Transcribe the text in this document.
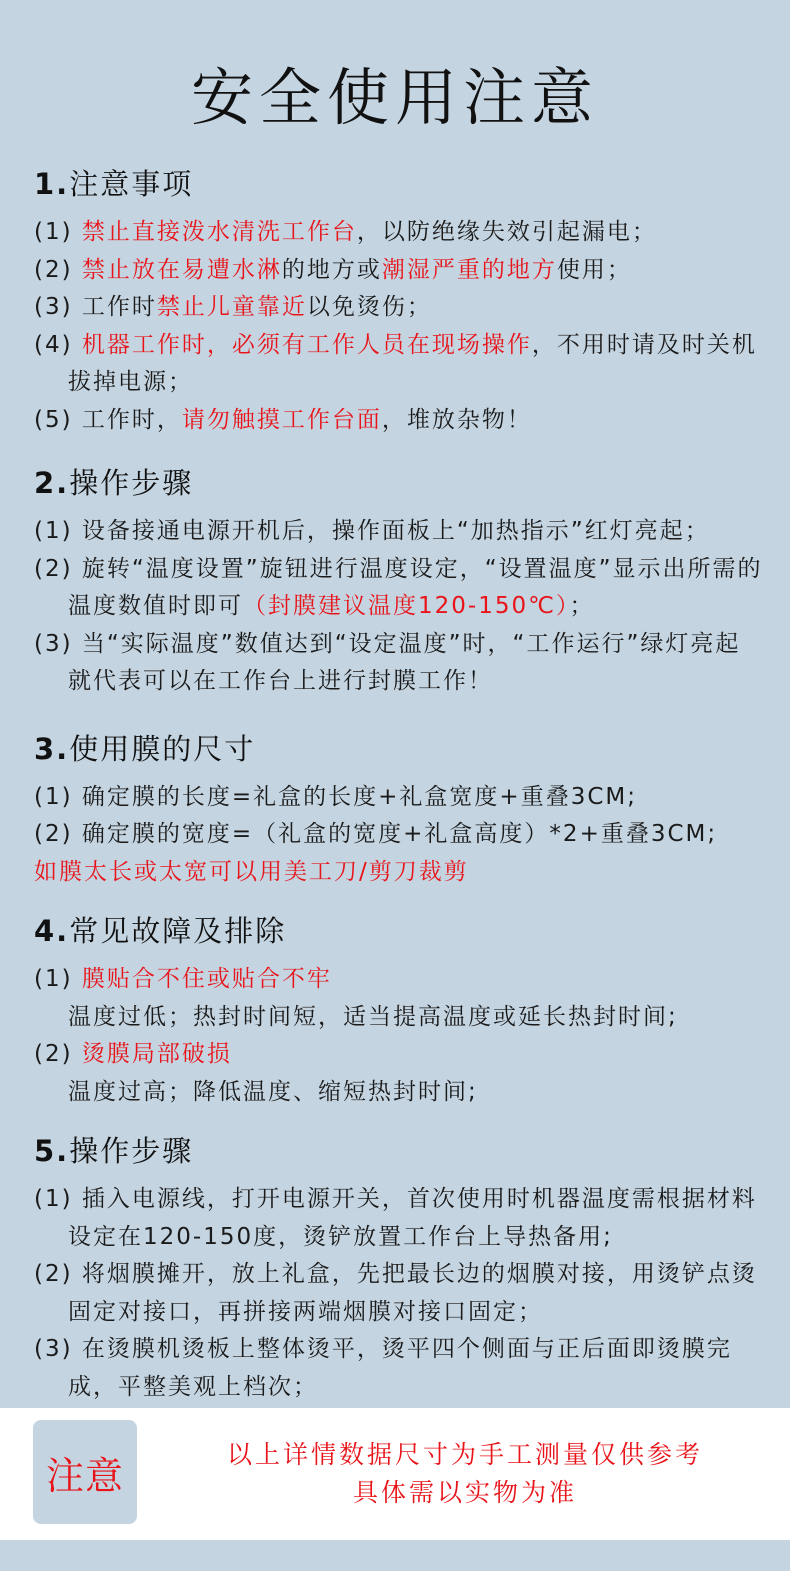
安全使用注意
1.注意事项
(1) 禁止直接泼水清洗工作台，以防绝缘失效引起漏电；
(2) 禁止放在易遭水淋的地方或潮湿严重的地方使用；
(3) 工作时禁止儿童靠近以免烫伤；
(4) 机器工作时，必须有工作人员在现场操作，不用时请及时关机拔掉电源；
(5) 工作时，请勿触摸工作台面，堆放杂物！
2.操作步骤
(1) 设备接通电源开机后，操作面板上“加热指示”红灯亮起；
(2) 旋转“温度设置”旋钮进行温度设定，“设置温度”显示出所需的温度数值时即可（封膜建议温度120-150℃）；
(3) 当“实际温度”数值达到“设定温度”时，“工作运行”绿灯亮起就代表可以在工作台上进行封膜工作！
3.使用膜的尺寸
(1) 确定膜的长度=礼盒的长度+礼盒宽度+重叠3CM;
(2) 确定膜的宽度=（礼盒的宽度+礼盒高度）*2+重叠3CM;
如膜太长或太宽可以用美工刀/剪刀裁剪
4.常见故障及排除
(1) 膜贴合不住或贴合不牢
温度过低；热封时间短，适当提高温度或延长热封时间;
(2) 烫膜局部破损
温度过高；降低温度、缩短热封时间;
5.操作步骤
(1) 插入电源线，打开电源开关，首次使用时机器温度需根据材料设定在120-150度，烫铲放置工作台上导热备用;
(2) 将烟膜摊开，放上礼盒，先把最长边的烟膜对接，用烫铲点烫固定对接口，再拼接两端烟膜对接口固定；
(3) 在烫膜机烫板上整体烫平，烫平四个侧面与正后面即烫膜完成，平整美观上档次；
注意	以上详情数据尺寸为手工测量仅供参考
具体需以实物为准
